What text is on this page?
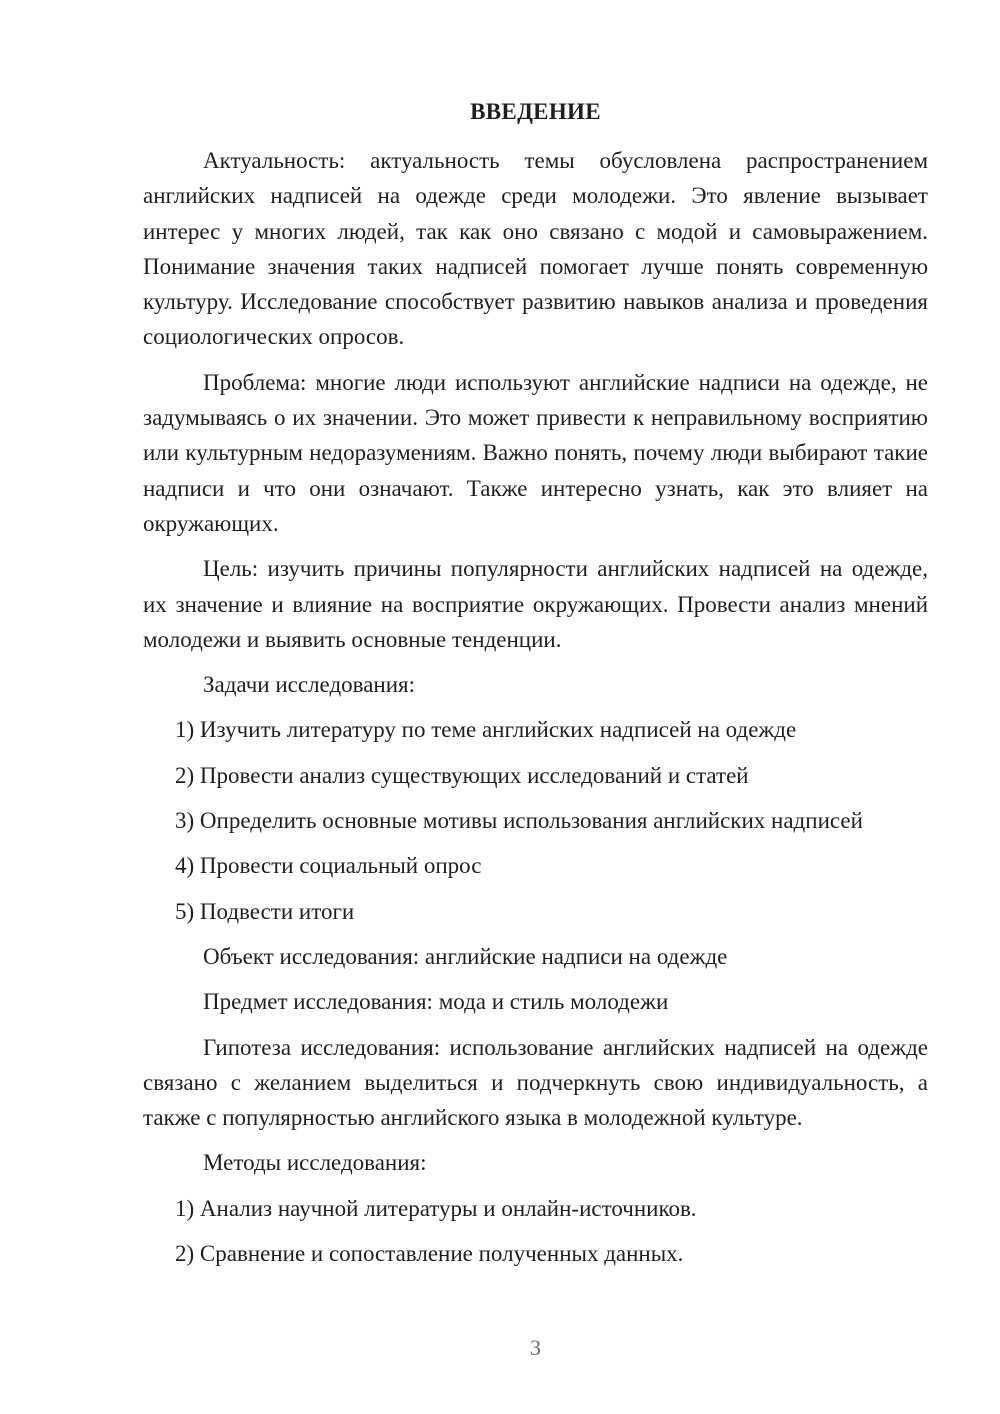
ВВЕДЕНИЕ

Актуальность: актуальность темы обусловлена распространением английских надписей на одежде среди молодежи. Это явление вызывает интерес у многих людей, так как оно связано с модой и самовыражением. Понимание значения таких надписей помогает лучше понять современную культуру. Исследование способствует развитию навыков анализа и проведения социологических опросов.

Проблема: многие люди используют английские надписи на одежде, не задумываясь о их значении. Это может привести к неправильному восприятию или культурным недоразумениям. Важно понять, почему люди выбирают такие надписи и что они означают. Также интересно узнать, как это влияет на окружающих.

Цель: изучить причины популярности английских надписей на одежде, их значение и влияние на восприятие окружающих. Провести анализ мнений молодежи и выявить основные тенденции.

Задачи исследования:

1) Изучить литературу по теме английских надписей на одежде

2) Провести анализ существующих исследований и статей

3) Определить основные мотивы использования английских надписей

4) Провести социальный опрос

5) Подвести итоги

Объект исследования: английские надписи на одежде

Предмет исследования: мода и стиль молодежи

Гипотеза исследования: использование английских надписей на одежде связано с желанием выделиться и подчеркнуть свою индивидуальность, а также с популярностью английского языка в молодежной культуре.

Методы исследования:

1) Анализ научной литературы и онлайн-источников.

2) Сравнение и сопоставление полученных данных.

3
